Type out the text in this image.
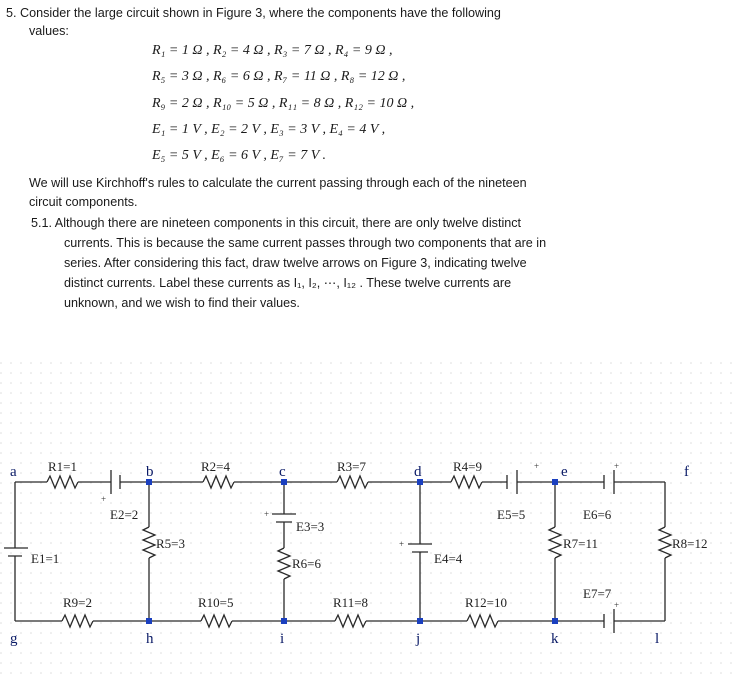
5. Consider the large circuit shown in Figure 3, where the components have the following
values:
R₁ = 1 Ω , R₂ = 4 Ω , R₃ = 7 Ω , R₄ = 9 Ω ,
R₅ = 3 Ω , R₆ = 6 Ω , R₇ = 11 Ω , R₈ = 12 Ω ,
R₉ = 2 Ω , R₁₀ = 5 Ω , R₁₁ = 8 Ω , R₁₂ = 10 Ω ,
E₁ = 1 V , E₂ = 2 V , E₃ = 3 V , E₄ = 4 V ,
E₅ = 5 V , E₆ = 6 V , E₇ = 7 V .
We will use Kirchhoff's rules to calculate the current passing through each of the nineteen
circuit components.
5.1. Although there are nineteen components in this circuit, there are only twelve distinct
currents. This is because the same current passes through two components that are in
series. After considering this fact, draw twelve arrows on Figure 3, indicating twelve
distinct currents. Label these currents as I₁, I₂, ⋯, I₁₂ . These twelve currents are
unknown, and we wish to find their values.
+
+	+
+
+
+
a	b	c	d	e	f
g	h	i	j	k	l
R1=1
E2=2
R2=4	R3=7	R4=9
E5=5	E6=6
E1=1
R5=3
E3=3
R6=6	E4=4
R7=11	R8=12
E7=7
R9=2	R10=5	R11=8	R12=10
